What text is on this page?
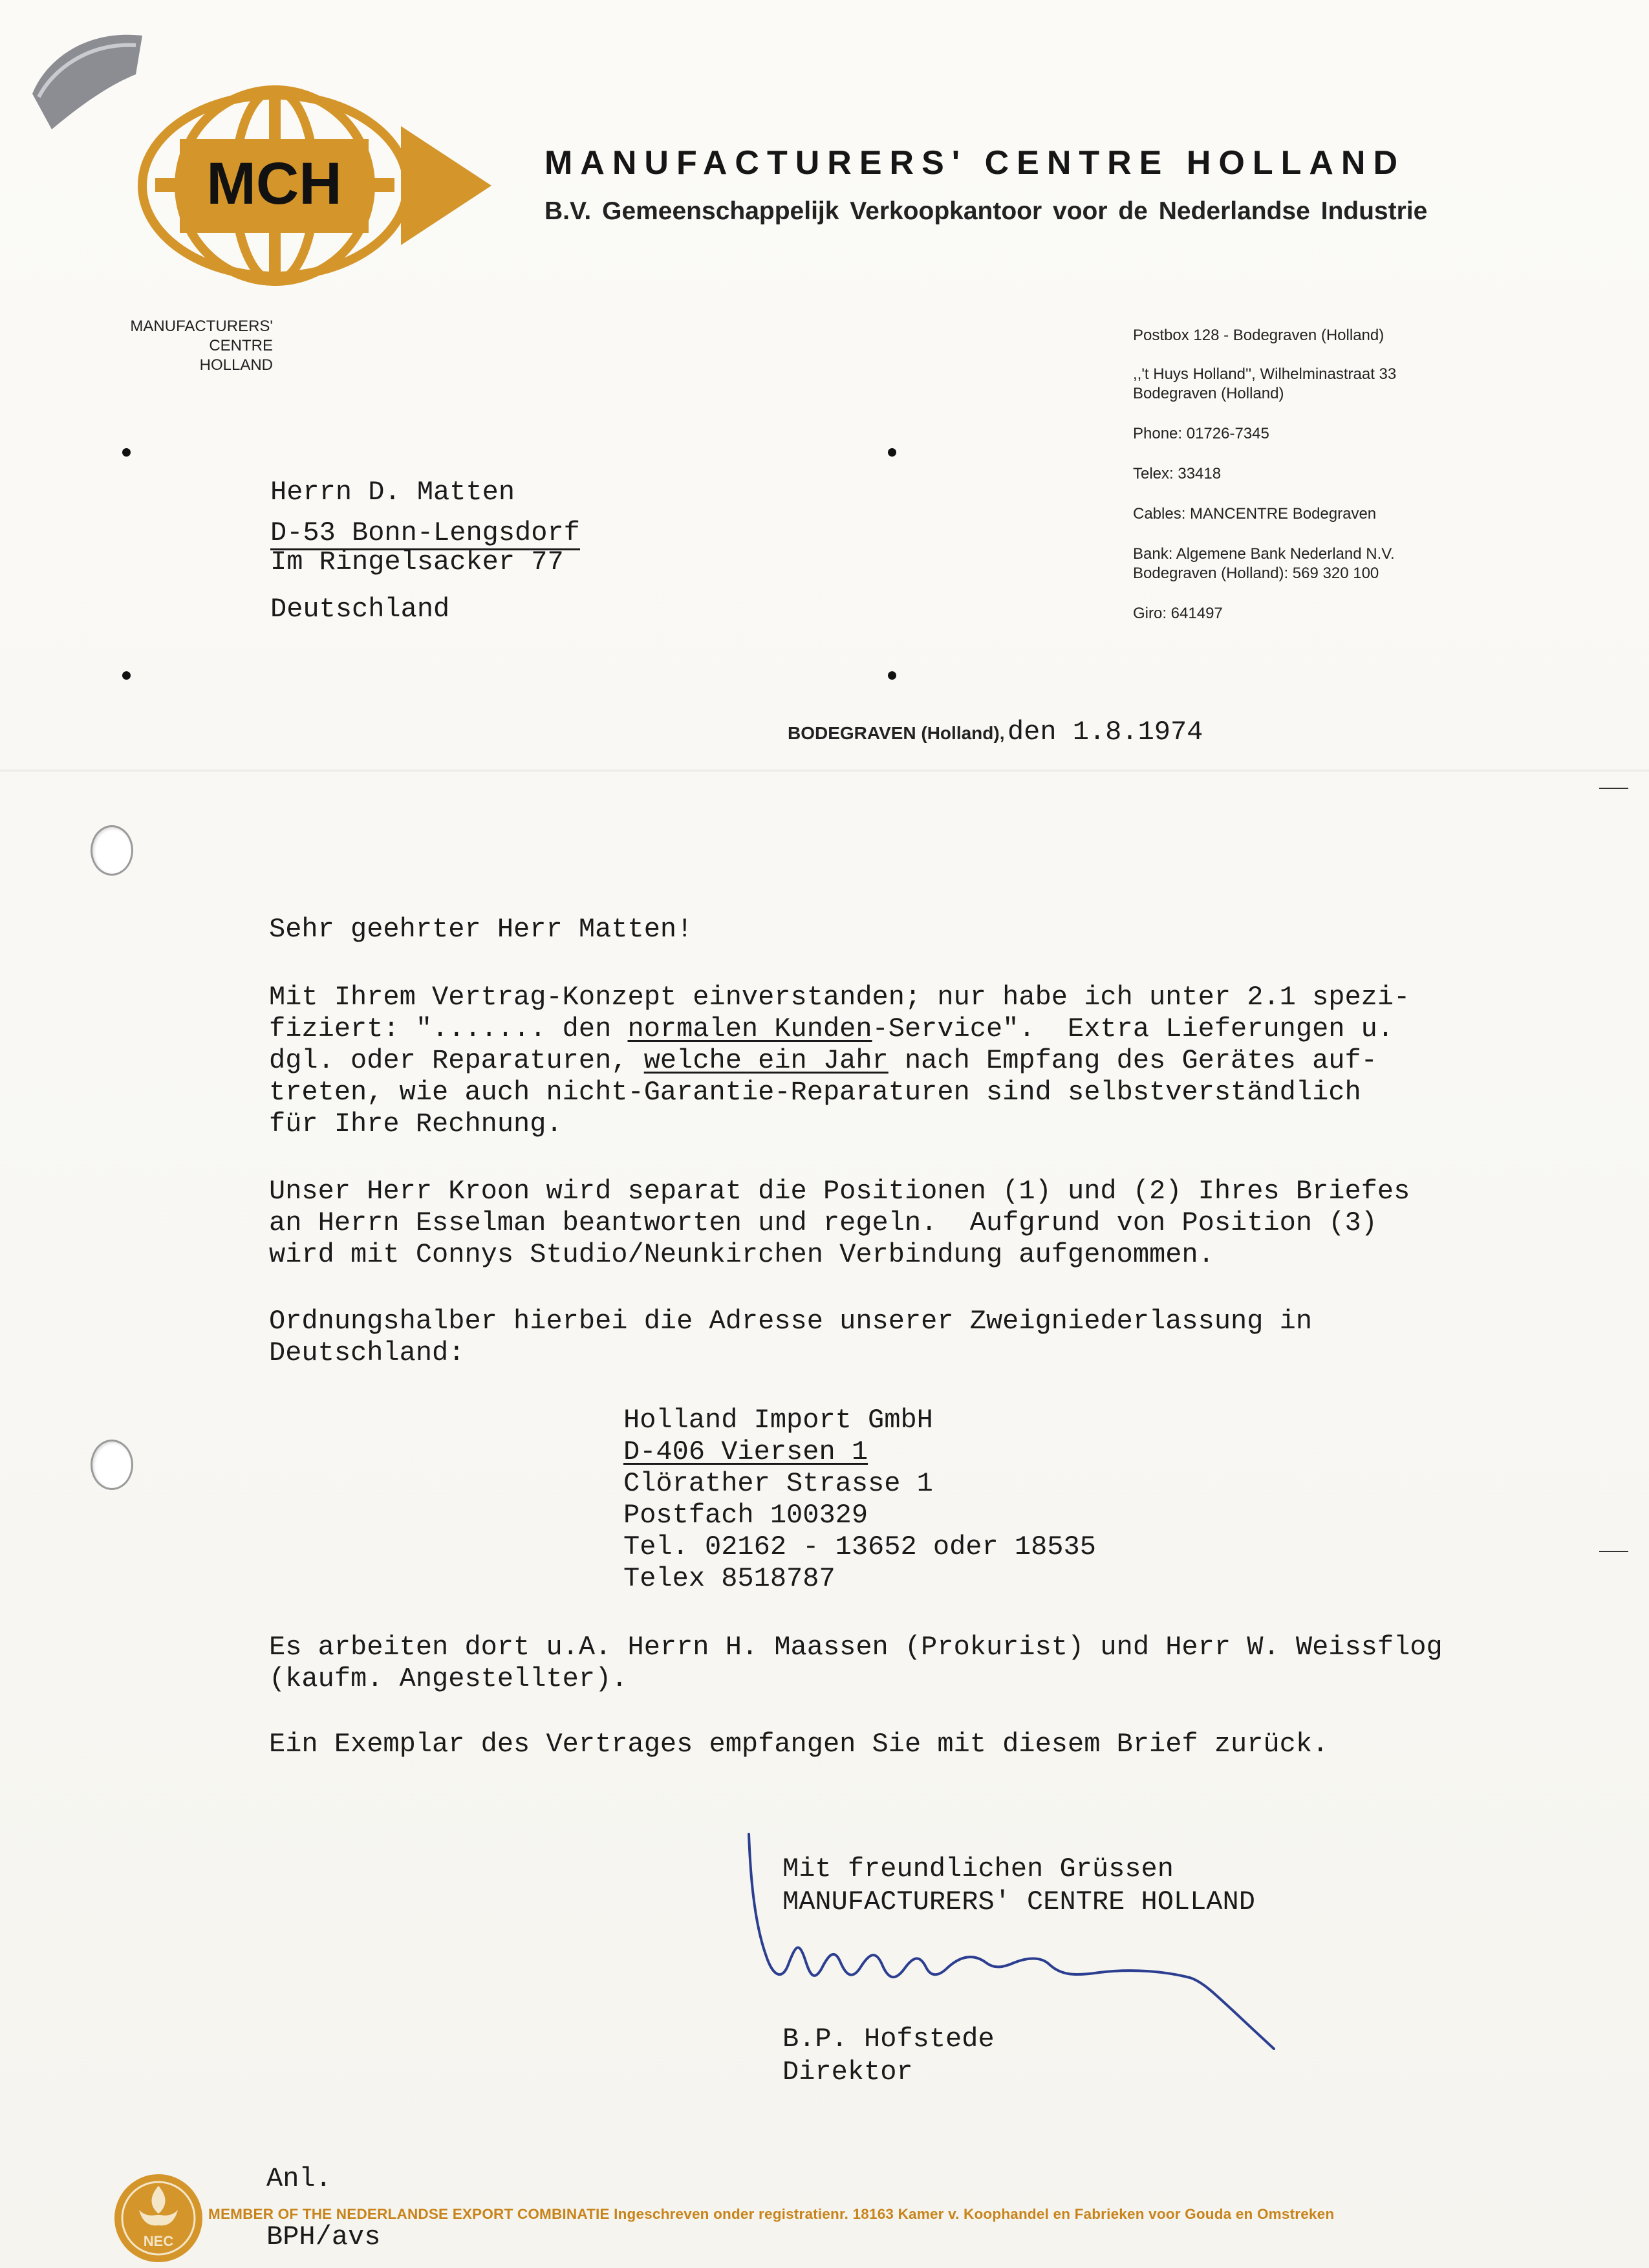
MCH	MANUFACTURERS' CENTRE HOLLAND
B.V. Gemeenschappelijk Verkoopkantoor voor de Nederlandse Industrie
MANUFACTURERS'
CENTRE
HOLLAND
Postbox 128 - Bodegraven (Holland)
,,'t Huys Holland'', Wilhelminastraat 33
Bodegraven (Holland)
Phone: 01726-7345
Telex: 33418
Cables: MANCENTRE Bodegraven
Bank: Algemene Bank Nederland N.V.
Bodegraven (Holland): 569 320 100
Giro: 641497
Herrn D. Matten
D-53 Bonn-Lengsdorf
Im Ringelsacker 77
Deutschland
BODEGRAVEN (Holland), den 1.8.1974
Sehr geehrter Herr Matten!
Mit Ihrem Vertrag-Konzept einverstanden; nur habe ich unter 2.1 spezi-
fiziert: "....... den normalen Kunden-Service".  Extra Lieferungen u.
dgl. oder Reparaturen, welche ein Jahr nach Empfang des Gerätes auf-
treten, wie auch nicht-Garantie-Reparaturen sind selbstverständlich
für Ihre Rechnung.
Unser Herr Kroon wird separat die Positionen (1) und (2) Ihres Briefes
an Herrn Esselman beantworten und regeln.  Aufgrund von Position (3)
wird mit Connys Studio/Neunkirchen Verbindung aufgenommen.
Ordnungshalber hierbei die Adresse unserer Zweigniederlassung in
Deutschland:
Holland Import GmbH
D-406 Viersen 1
Clörather Strasse 1
Postfach 100329
Tel. 02162 - 13652 oder 18535
Telex 8518787
Es arbeiten dort u.A. Herrn H. Maassen (Prokurist) und Herr W. Weissflog
(kaufm. Angestellter).
Ein Exemplar des Vertrages empfangen Sie mit diesem Brief zurück.
Mit freundlichen Grüssen
MANUFACTURERS' CENTRE HOLLAND
B.P. Hofstede
Direktor
Anl.
BPH/avs
NEC
MEMBER OF THE NEDERLANDSE EXPORT COMBINATIE Ingeschreven onder registratienr. 18163 Kamer v. Koophandel en Fabrieken voor Gouda en Omstreken
